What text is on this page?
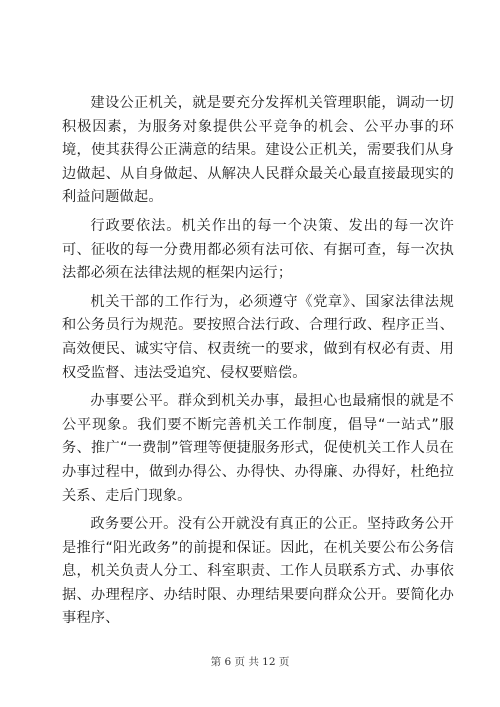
建设公正机关，就是要充分发挥机关管理职能，调动一切积极因素，为服务对象提供公平竞争的机会、公平办事的环境，使其获得公正满意的结果。建设公正机关，需要我们从身边做起、从自身做起、从解决人民群众最关心最直接最现实的利益问题做起。

行政要依法。机关作出的每一个决策、发出的每一次许可、征收的每一分费用都必须有法可依、有据可查，每一次执法都必须在法律法规的框架内运行；

机关干部的工作行为，必须遵守《党章》、国家法律法规和公务员行为规范。要按照合法行政、合理行政、程序正当、高效便民、诚实守信、权责统一的要求，做到有权必有责、用权受监督、违法受追究、侵权要赔偿。

办事要公平。群众到机关办事，最担心也最痛恨的就是不公平现象。我们要不断完善机关工作制度，倡导“一站式”服务、推广“一费制”管理等便捷服务形式，促使机关工作人员在办事过程中，做到办得公、办得快、办得廉、办得好，杜绝拉关系、走后门现象。

政务要公开。没有公开就没有真正的公正。坚持政务公开是推行“阳光政务”的前提和保证。因此，在机关要公布公务信息，机关负责人分工、科室职责、工作人员联系方式、办事依据、办理程序、办结时限、办理结果要向群众公开。要简化办事程序、

第 6 页 共 12 页
